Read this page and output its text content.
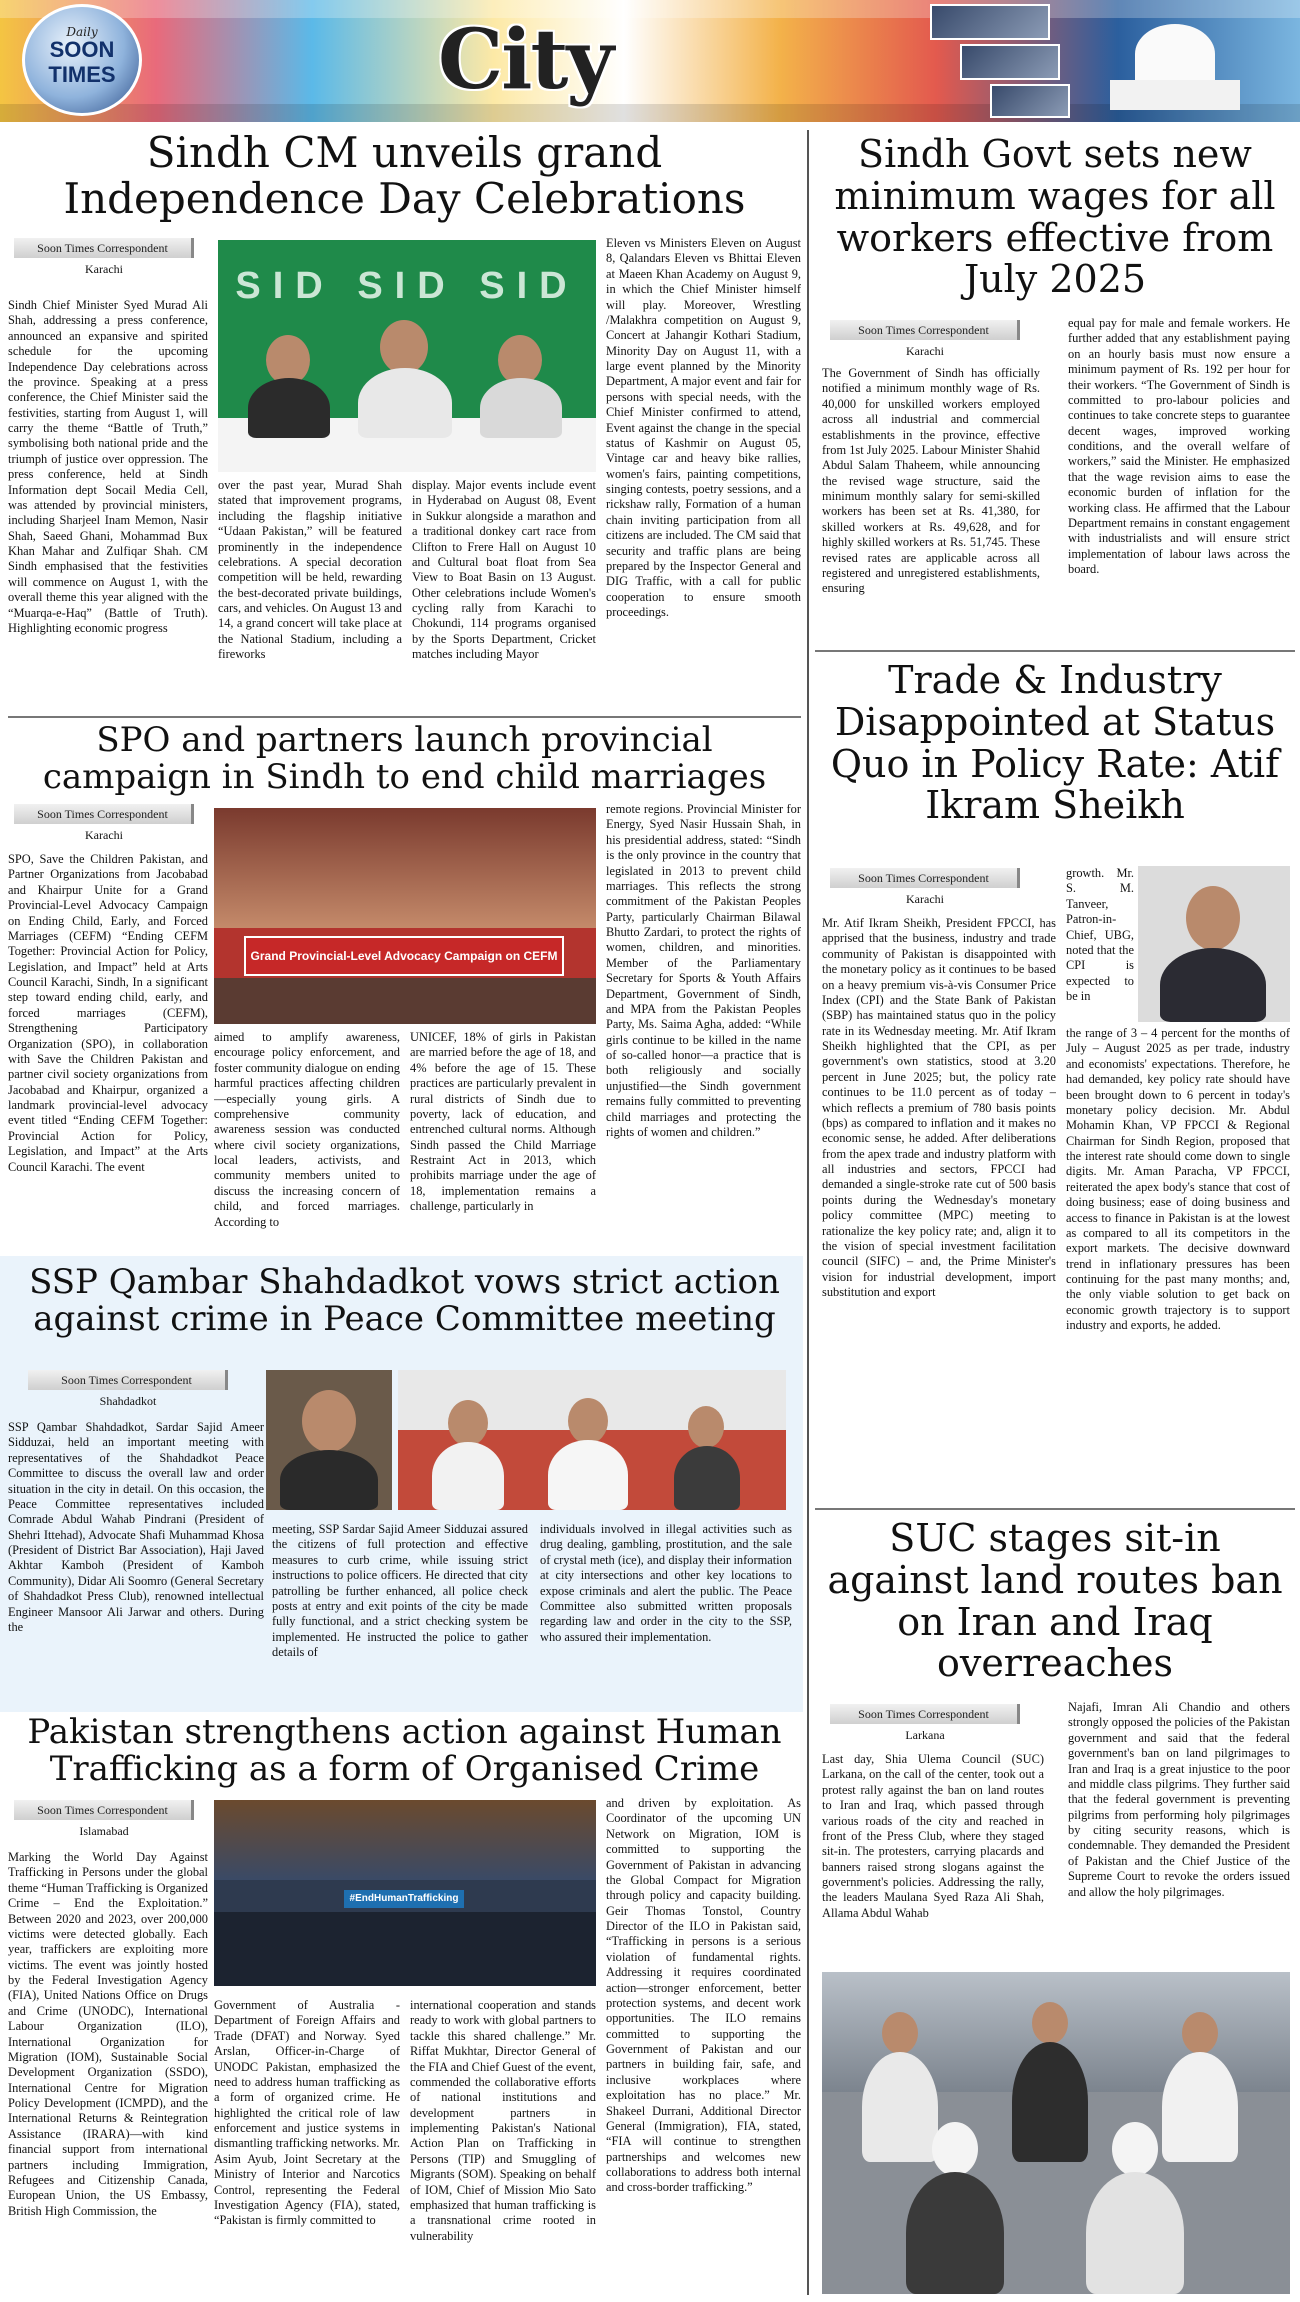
Daily
SOON
TIMES	City
Sindh CM unveils grand Independence Day Celebrations
Soon Times Correspondent
Karachi
Sindh Chief Minister Syed Murad Ali Shah, addressing a press conference, announced an expansive and spirited schedule for the upcoming Independence Day celebrations across the province. Speaking at a press conference, the Chief Minister said the festivities, starting from August 1, will carry the theme “Battle of Truth,” symbolising both national pride and the triumph of justice over oppression. The press conference, held at Sindh Information dept Socail Media Cell, was attended by provincial ministers, including Sharjeel Inam Memon, Nasir Shah, Saeed Ghani, Mohammad Bux Khan Mahar and Zulfiqar Shah. CM Sindh emphasised that the festivities will commence on August 1, with the overall theme this year aligned with the “Muarqa-e-Haq” (Battle of Truth). Highlighting economic progress
SID SID SID
over the past year, Murad Shah stated that improvement programs, including the flagship initiative “Udaan Pakistan,” will be featured prominently in the independence celebrations. A special decoration competition will be held, rewarding the best-decorated private buildings, cars, and vehicles. On August 13 and 14, a grand concert will take place at the National Stadium, including a fireworks
display. Major events include event in Hyderabad on August 08, Event in Sukkur alongside a marathon and a traditional donkey cart race from Clifton to Frere Hall on August 10 and Cultural boat float from Sea View to Boat Basin on 13 August. Other celebrations include Women's cycling rally from Karachi to Chokundi, 114 programs organised by the Sports Department, Cricket matches including Mayor
Eleven vs Ministers Eleven on August 8, Qalandars Eleven vs Bhittai Eleven at Maeen Khan Academy on August 9, in which the Chief Minister himself will play. Moreover, Wrestling /Malakhra competition on August 9, Concert at Jahangir Kothari Stadium, Minority Day on August 11, with a large event planned by the Minority Department, A major event and fair for persons with special needs, with the Chief Minister confirmed to attend, Event against the change in the special status of Kashmir on August 05, Vintage car and heavy bike rallies, women's fairs, painting competitions, singing contests, poetry sessions, and a rickshaw rally, Formation of a human chain inviting participation from all citizens are included. The CM said that security and traffic plans are being prepared by the Inspector General and DIG Traffic, with a call for public cooperation to ensure smooth proceedings.
SPO and partners launch provincial campaign in Sindh to end child marriages
Soon Times Correspondent
Karachi
SPO, Save the Children Pakistan, and Partner Organizations from Jacobabad and Khairpur Unite for a Grand Provincial-Level Advocacy Campaign on Ending Child, Early, and Forced Marriages (CEFM) “Ending CEFM Together: Provincial Action for Policy, Legislation, and Impact” held at Arts Council Karachi, Sindh, In a significant step toward ending child, early, and forced marriages (CEFM), Strengthening Participatory Organization (SPO), in collaboration with Save the Children Pakistan and partner civil society organizations from Jacobabad and Khairpur, organized a landmark provincial-level advocacy event titled “Ending CEFM Together: Provincial Action for Policy, Legislation, and Impact” at the Arts Council Karachi. The event
Grand Provincial-Level Advocacy Campaign on CEFM
aimed to amplify awareness, encourage policy enforcement, and foster community dialogue on ending harmful practices affecting children—especially young girls. A comprehensive community awareness session was conducted where civil society organizations, local leaders, activists, and community members united to discuss the increasing concern of child, and forced marriages. According to
UNICEF, 18% of girls in Pakistan are married before the age of 18, and 4% before the age of 15. These practices are particularly prevalent in rural districts of Sindh due to poverty, lack of education, and entrenched cultural norms. Although Sindh passed the Child Marriage Restraint Act in 2013, which prohibits marriage under the age of 18, implementation remains a challenge, particularly in
remote regions. Provincial Minister for Energy, Syed Nasir Hussain Shah, in his presidential address, stated: “Sindh is the only province in the country that legislated in 2013 to prevent child marriages. This reflects the strong commitment of the Pakistan Peoples Party, particularly Chairman Bilawal Bhutto Zardari, to protect the rights of women, children, and minorities. Member of the Parliamentary Secretary for Sports & Youth Affairs Department, Government of Sindh, and MPA from the Pakistan Peoples Party, Ms. Saima Agha, added: “While girls continue to be killed in the name of so-called honor—a practice that is both religiously and socially unjustified—the Sindh government remains fully committed to preventing child marriages and protecting the rights of women and children.”
SSP Qambar Shahdadkot vows strict action against crime in Peace Committee meeting
Soon Times Correspondent
Shahdadkot
SSP Qambar Shahdadkot, Sardar Sajid Ameer Sidduzai, held an important meeting with representatives of the Shahdadkot Peace Committee to discuss the overall law and order situation in the city in detail. On this occasion, the Peace Committee representatives included Comrade Abdul Wahab Pindrani (President of Shehri Ittehad), Advocate Shafi Muhammad Khosa (President of District Bar Association), Haji Javed Akhtar Kamboh (President of Kamboh Community), Didar Ali Soomro (General Secretary of Shahdadkot Press Club), renowned intellectual Engineer Mansoor Ali Jarwar and others. During the
meeting, SSP Sardar Sajid Ameer Sidduzai assured the citizens of full protection and effective measures to curb crime, while issuing strict instructions to police officers. He directed that city patrolling be further enhanced, all police check posts at entry and exit points of the city be made fully functional, and a strict checking system be implemented. He instructed the police to gather details of
individuals involved in illegal activities such as drug dealing, gambling, prostitution, and the sale of crystal meth (ice), and display their information at city intersections and other key locations to expose criminals and alert the public. The Peace Committee also submitted written proposals regarding law and order in the city to the SSP, who assured their implementation.
Pakistan strengthens action against Human Trafficking as a form of Organised Crime
Soon Times Correspondent
Islamabad
Marking the World Day Against Trafficking in Persons under the global theme “Human Trafficking is Organized Crime – End the Exploitation.” Between 2020 and 2023, over 200,000 victims were detected globally. Each year, traffickers are exploiting more victims. The event was jointly hosted by the Federal Investigation Agency (FIA), United Nations Office on Drugs and Crime (UNODC), International Labour Organization (ILO), International Organization for Migration (IOM), Sustainable Social Development Organization (SSDO), International Centre for Migration Policy Development (ICMPD), and the International Returns & Reintegration Assistance (IRARA)—with kind financial support from international partners including Immigration, Refugees and Citizenship Canada, European Union, the US Embassy, British High Commission, the
#EndHumanTrafficking
Government of Australia - Department of Foreign Affairs and Trade (DFAT) and Norway. Syed Arslan, Officer-in-Charge of UNODC Pakistan, emphasized the need to address human trafficking as a form of organized crime. He highlighted the critical role of law enforcement and justice systems in dismantling trafficking networks. Mr. Asim Ayub, Joint Secretary at the Ministry of Interior and Narcotics Control, representing the Federal Investigation Agency (FIA), stated, “Pakistan is firmly committed to
international cooperation and stands ready to work with global partners to tackle this shared challenge.” Mr. Riffat Mukhtar, Director General of the FIA and Chief Guest of the event, commended the collaborative efforts of national institutions and development partners in implementing Pakistan's National Action Plan on Trafficking in Persons (TIP) and Smuggling of Migrants (SOM). Speaking on behalf of IOM, Chief of Mission Mio Sato emphasized that human trafficking is a transnational crime rooted in vulnerability
and driven by exploitation. As Coordinator of the upcoming UN Network on Migration, IOM is committed to supporting the Government of Pakistan in advancing the Global Compact for Migration through policy and capacity building. Geir Thomas Tonstol, Country Director of the ILO in Pakistan said, “Trafficking in persons is a serious violation of fundamental rights. Addressing it requires coordinated action—stronger enforcement, better protection systems, and decent work opportunities. The ILO remains committed to supporting the Government of Pakistan and our partners in building fair, safe, and inclusive workplaces where exploitation has no place.” Mr. Shakeel Durrani, Additional Director General (Immigration), FIA, stated, “FIA will continue to strengthen partnerships and welcomes new collaborations to address both internal and cross-border trafficking.”
Sindh Govt sets new minimum wages for all workers effective from July 2025
Soon Times Correspondent
Karachi
The Government of Sindh has officially notified a minimum monthly wage of Rs. 40,000 for unskilled workers employed across all industrial and commercial establishments in the province, effective from 1st July 2025. Labour Minister Shahid Abdul Salam Thaheem, while announcing the revised wage structure, said the minimum monthly salary for semi-skilled workers has been set at Rs. 41,380, for skilled workers at Rs. 49,628, and for highly skilled workers at Rs. 51,745. These revised rates are applicable across all registered and unregistered establishments, ensuring
equal pay for male and female workers. He further added that any establishment paying on an hourly basis must now ensure a minimum payment of Rs. 192 per hour for their workers. “The Government of Sindh is committed to pro-labour policies and continues to take concrete steps to guarantee decent wages, improved working conditions, and the overall welfare of workers,” said the Minister. He emphasized that the wage revision aims to ease the economic burden of inflation for the working class. He affirmed that the Labour Department remains in constant engagement with industrialists and will ensure strict implementation of labour laws across the board.
Trade & Industry Disappointed at Status Quo in Policy Rate: Atif Ikram Sheikh
Soon Times Correspondent
Karachi
Mr. Atif Ikram Sheikh, President FPCCI, has apprised that the business, industry and trade community of Pakistan is disappointed with the monetary policy as it continues to be based on a heavy premium vis-à-vis Consumer Price Index (CPI) and the State Bank of Pakistan (SBP) has maintained status quo in the policy rate in its Wednesday meeting. Mr. Atif Ikram Sheikh highlighted that the CPI, as per government's own statistics, stood at 3.20 percent in June 2025; but, the policy rate continues to be 11.0 percent as of today – which reflects a premium of 780 basis points (bps) as compared to inflation and it makes no economic sense, he added. After deliberations from the apex trade and industry platform with all industries and sectors, FPCCI had demanded a single-stroke rate cut of 500 basis points during the Wednesday's monetary policy committee (MPC) meeting to rationalize the key policy rate; and, align it to the vision of special investment facilitation council (SIFC) – and, the Prime Minister's vision for industrial development, import substitution and export
growth. Mr. S. M. Tanveer, Patron-in-Chief, UBG, noted that the CPI is expected to be in
the range of 3 – 4 percent for the months of July – August 2025 as per trade, industry and economists' expectations. Therefore, he had demanded, key policy rate should have been brought down to 6 percent in today's monetary policy decision. Mr. Abdul Mohamin Khan, VP FPCCI & Regional Chairman for Sindh Region, proposed that the interest rate should come down to single digits. Mr. Aman Paracha, VP FPCCI, reiterated the apex body's stance that cost of doing business; ease of doing business and access to finance in Pakistan is at the lowest as compared to all its competitors in the export markets. The decisive downward trend in inflationary pressures has been continuing for the past many months; and, the only viable solution to get back on economic growth trajectory is to support industry and exports, he added.
SUC stages sit-in against land routes ban on Iran and Iraq overreaches
Soon Times Correspondent
Larkana
Last day, Shia Ulema Council (SUC) Larkana, on the call of the center, took out a protest rally against the ban on land routes to Iran and Iraq, which passed through various roads of the city and reached in front of the Press Club, where they staged sit-in. The protesters, carrying placards and banners raised strong slogans against the government's policies. Addressing the rally, the leaders Maulana Syed Raza Ali Shah, Allama Abdul Wahab
Najafi, Imran Ali Chandio and others strongly opposed the policies of the Pakistan government and said that the federal government's ban on land pilgrimages to Iran and Iraq is a great injustice to the poor and middle class pilgrims. They further said that the federal government is preventing pilgrims from performing holy pilgrimages by citing security reasons, which is condemnable. They demanded the President of Pakistan and the Chief Justice of the Supreme Court to revoke the orders issued and allow the holy pilgrimages.
